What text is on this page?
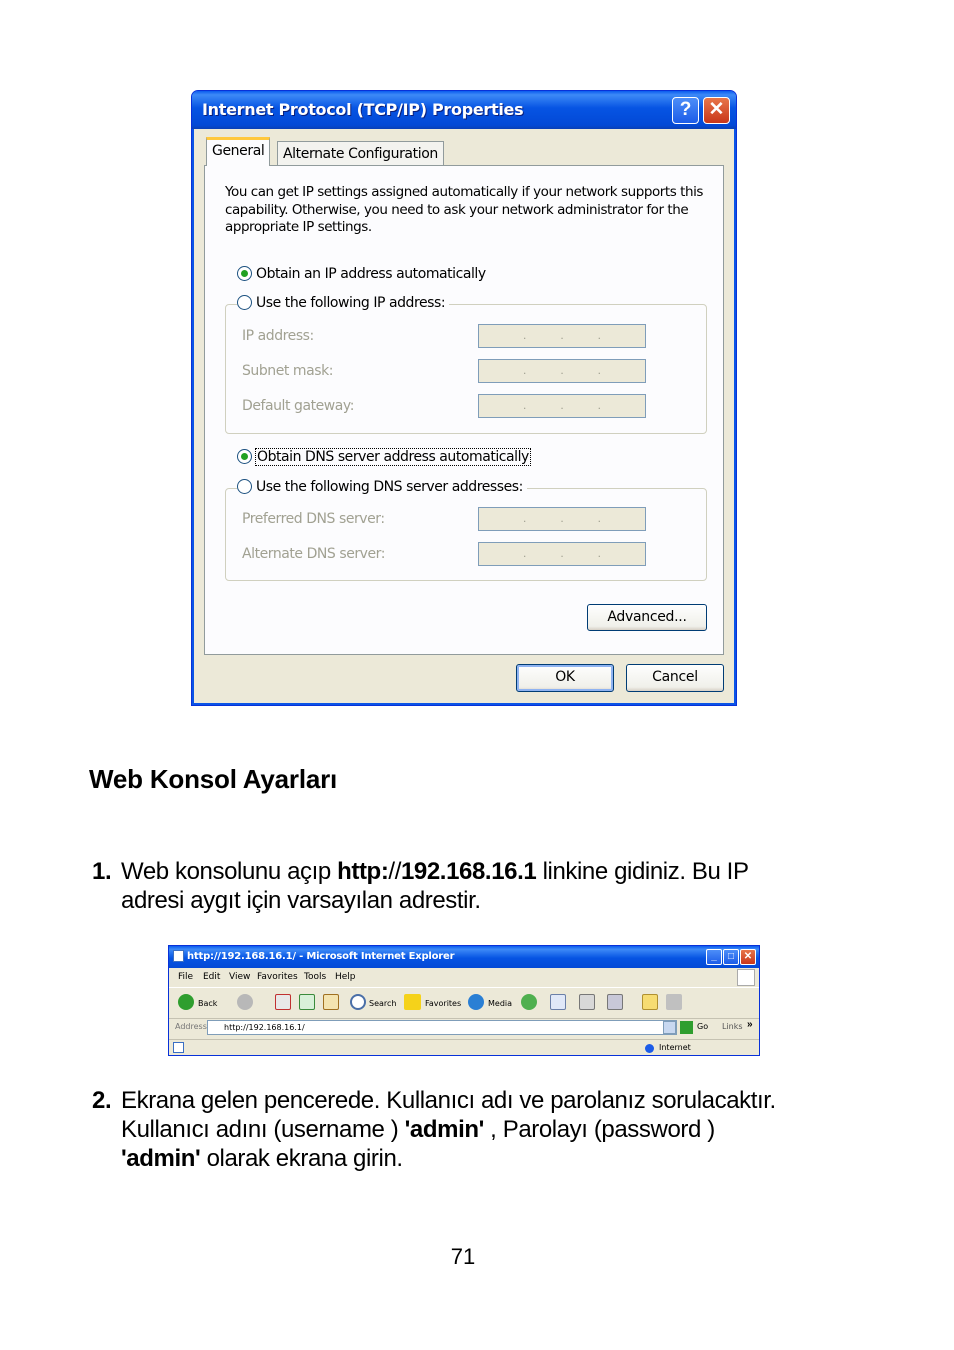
Internet Protocol (TCP/IP) Properties	? ✕
General	Alternate Configuration
You can get IP settings assigned automatically if your network supports this capability. Otherwise, you need to ask your network administrator for the appropriate IP settings.
Obtain an IP address automatically
Use the following IP address:
IP address:	...
Subnet mask:	...
Default gateway:	...
Obtain DNS server address automatically
Use the following DNS server addresses:
Preferred DNS server:	...
Alternate DNS server:	...
Advanced...
OK	Cancel
Web Konsol Ayarları
1. Web konsolunu açıp http://192.168.16.1 linkine gidiniz. Bu IP
adresi aygıt için varsayılan adrestir.
http://192.168.16.1/ - Microsoft Internet Explorer	_	□ ✕
File Edit View Favorites Tools Help
Back	Search	Favorites	Media
Address	http://192.168.16.1/	Go Links »
Internet
2. Ekrana gelen pencerede. Kullanıcı adı ve parolanız sorulacaktır.
Kullanıcı adını (username ) 'admin' , Parolayı (password )
'admin' olarak ekrana girin.
71
